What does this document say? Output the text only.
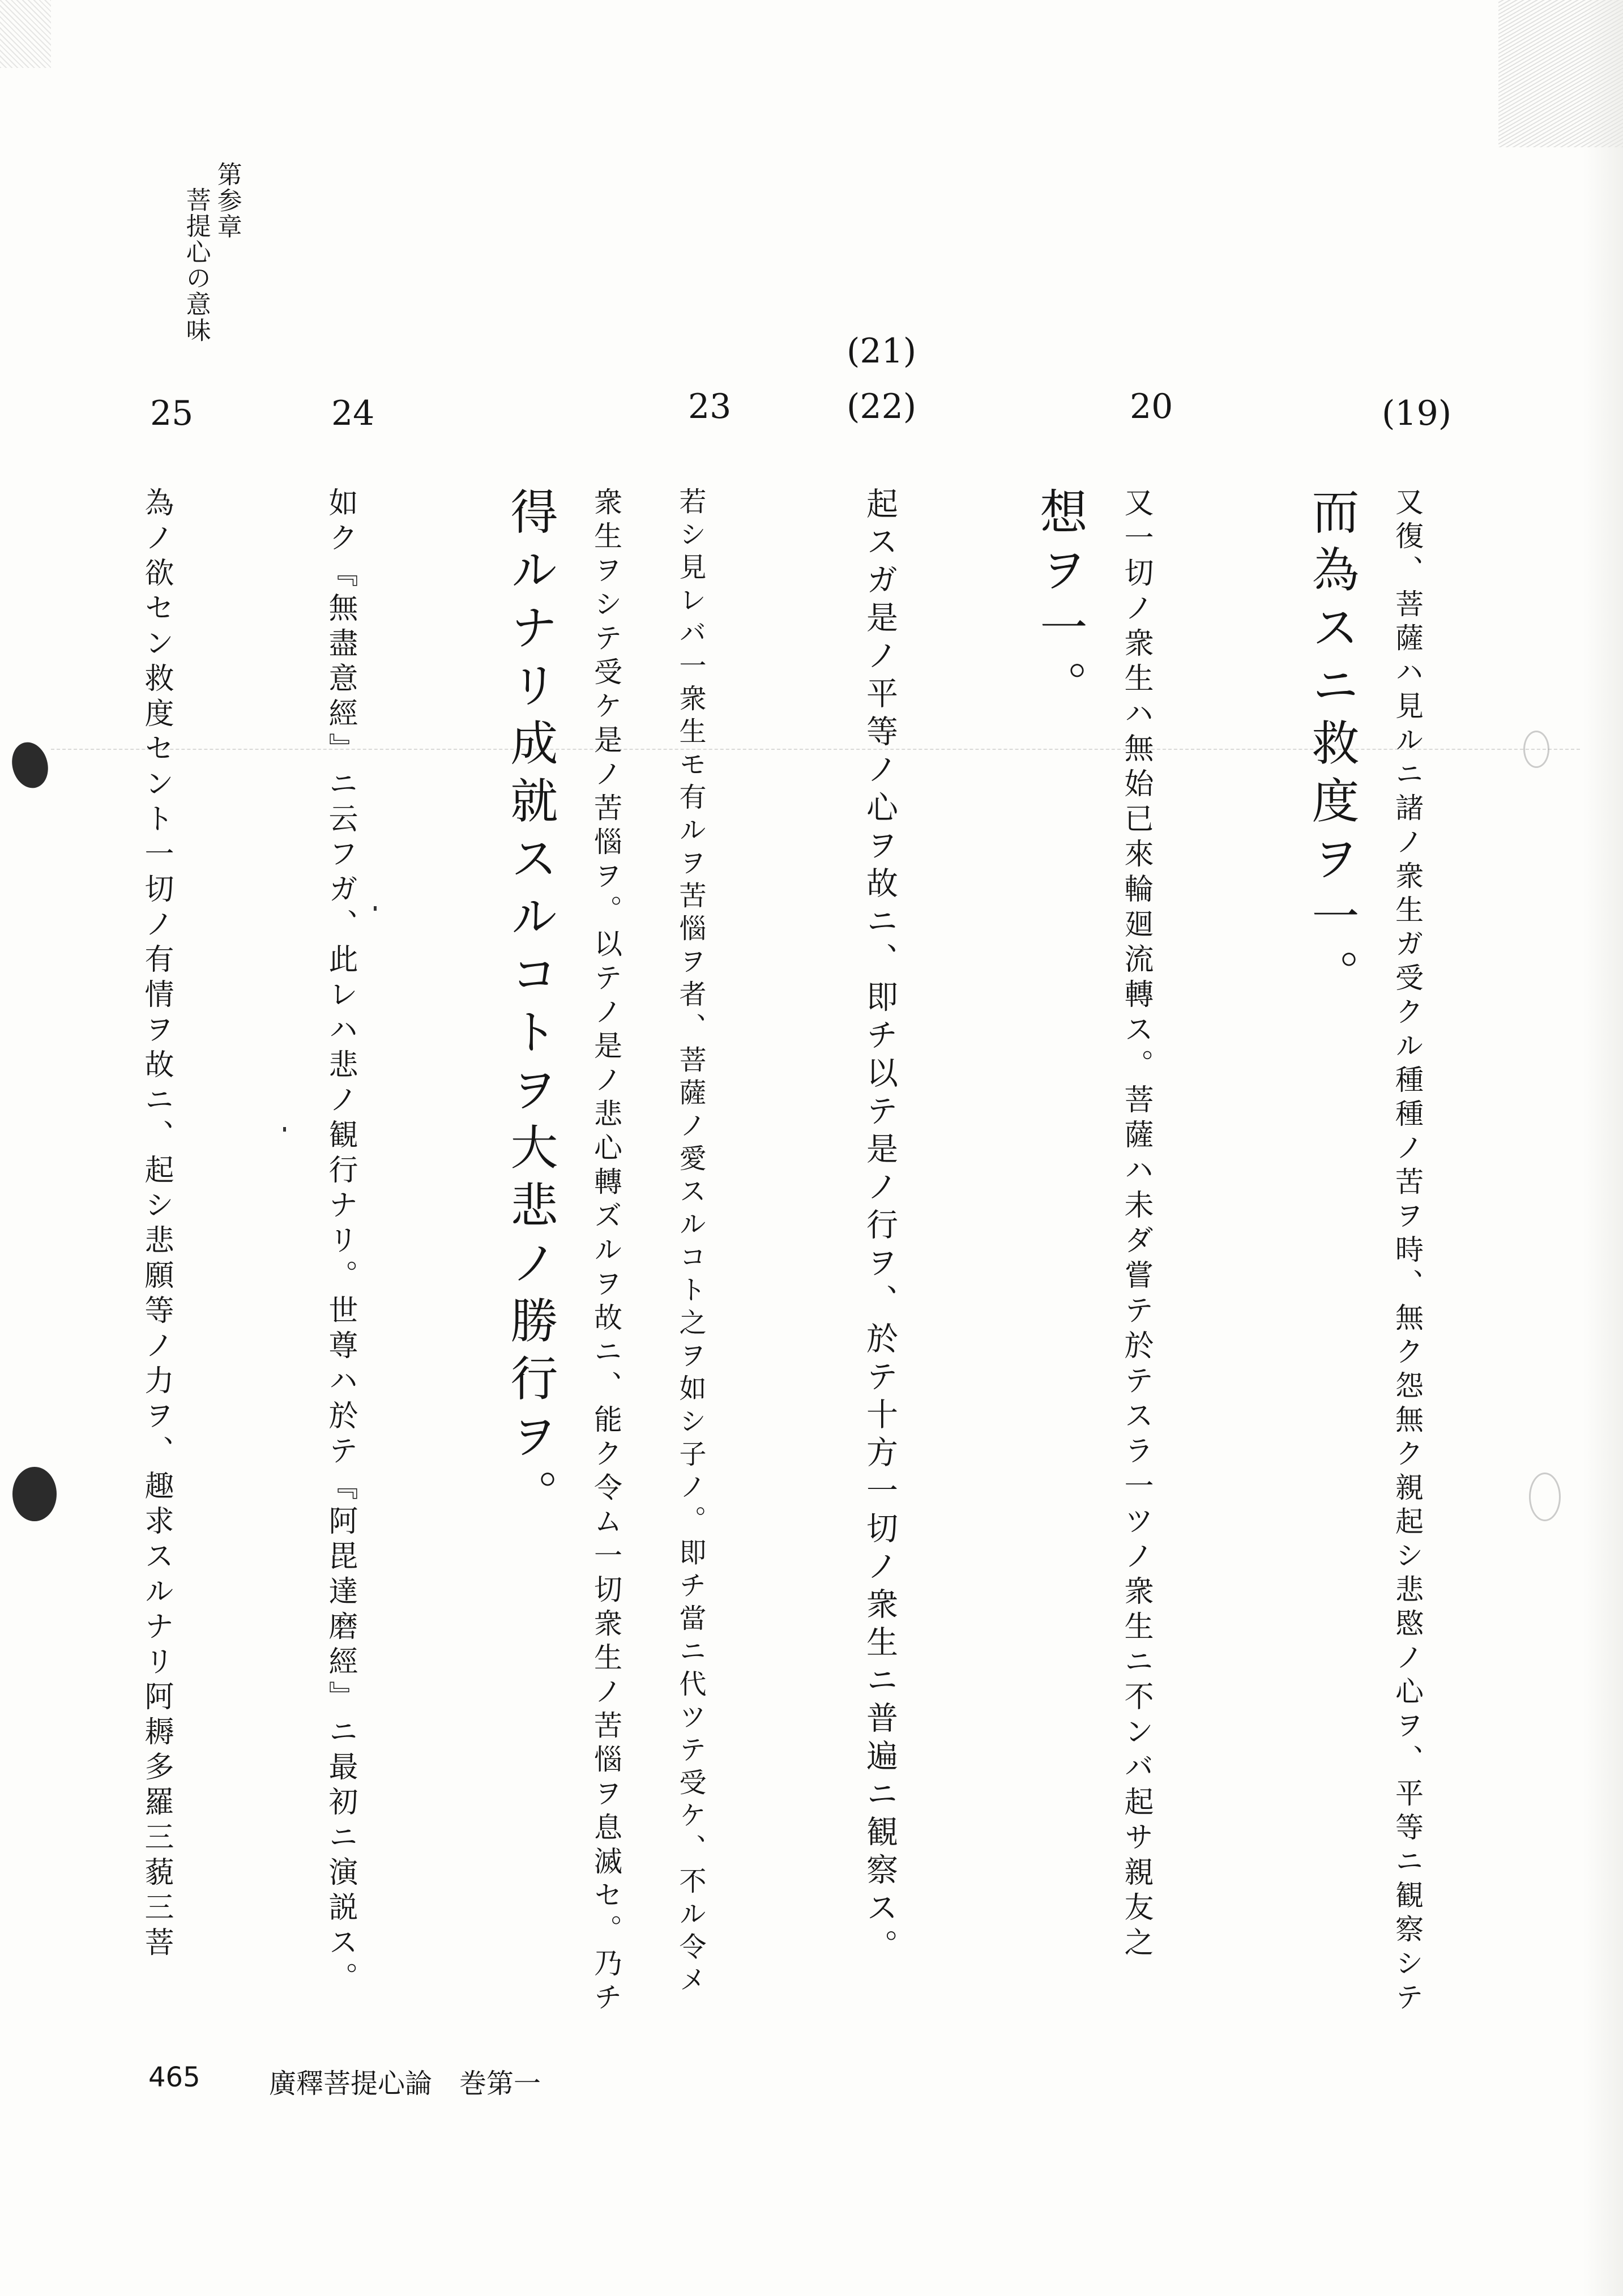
第参章
菩提心の意味
(19)
20
(21)
(22)
23
24
25
又復、菩薩ハ見ルニ諸ノ衆生ガ受クル種種ノ苦ヲ時、無ク怨無ク親起シ悲愍ノ心ヲ、平等ニ観察シテ
而為スニ救度ヲ一。
又一切ノ衆生ハ無始已來輪廻流轉ス。菩薩ハ未ダ嘗テ於テスラ一ツノ衆生ニ不ンバ起サ親友之
想ヲ一。
起スガ是ノ平等ノ心ヲ故ニ、即チ以テ是ノ行ヲ、於テ十方一切ノ衆生ニ普遍ニ観察ス。
若シ見レバ一衆生モ有ルヲ苦惱ヲ者、菩薩ノ愛スルコト之ヲ如シ子ノ。即チ當ニ代ツテ受ケ、不ル令メ
衆生ヲシテ受ケ是ノ苦惱ヲ。以テノ是ノ悲心轉ズルヲ故ニ、能ク令ム一切衆生ノ苦惱ヲ息滅セ。乃チ
得ルナリ成就スルコトヲ大悲ノ勝行ヲ。
如ク『無盡意經』ニ云フガ、此レハ悲ノ観行ナリ。世尊ハ於テ『阿毘達磨經』ニ最初ニ演説ス。
為ノ欲セン救度セント一切ノ有情ヲ故ニ、起シ悲願等ノ力ヲ、趣求スルナリ阿耨多羅三藐三菩
465	廣釋菩提心論　巻第一
